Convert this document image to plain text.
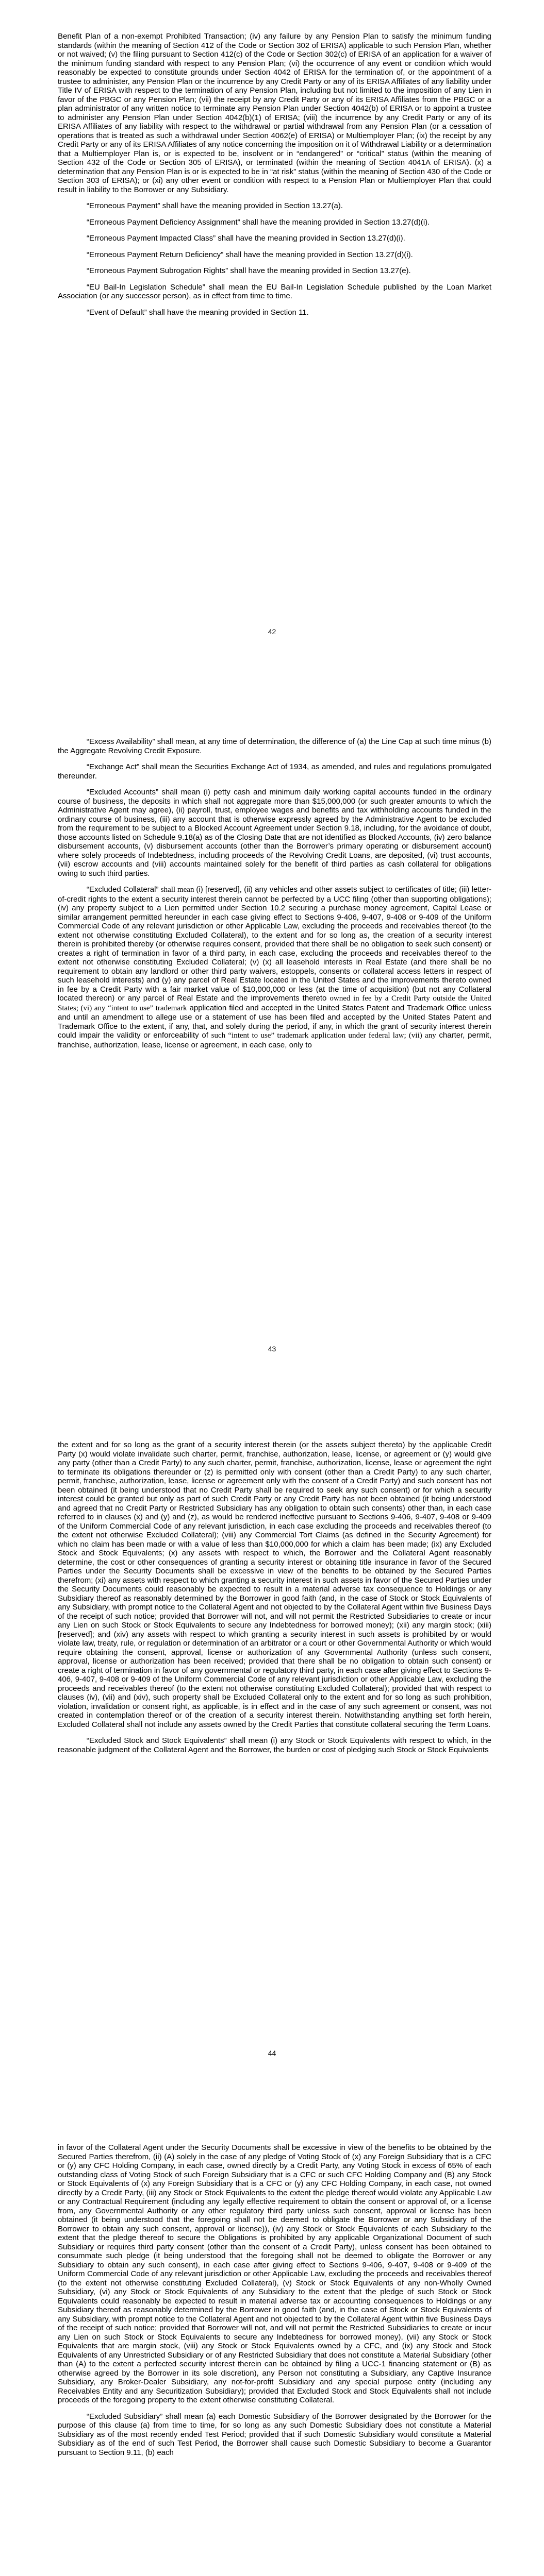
Benefit Plan of a non-exempt Prohibited Transaction; (iv) any failure by any Pension Plan to satisfy the minimum funding standards (within the meaning of Section 412 of the Code or Section 302 of ERISA) applicable to such Pension Plan, whether or not waived; (v) the filing pursuant to Section 412(c) of the Code or Section 302(c) of ERISA of an application for a waiver of the minimum funding standard with respect to any Pension Plan; (vi) the occurrence of any event or condition which would reasonably be expected to constitute grounds under Section 4042 of ERISA for the termination of, or the appointment of a trustee to administer, any Pension Plan or the incurrence by any Credit Party or any of its ERISA Affiliates of any liability under Title IV of ERISA with respect to the termination of any Pension Plan, including but not limited to the imposition of any Lien in favor of the PBGC or any Pension Plan; (vii) the receipt by any Credit Party or any of its ERISA Affiliates from the PBGC or a plan administrator of any written notice to terminate any Pension Plan under Section 4042(b) of ERISA or to appoint a trustee to administer any Pension Plan under Section 4042(b)(1) of ERISA; (viii) the incurrence by any Credit Party or any of its ERISA Affiliates of any liability with respect to the withdrawal or partial withdrawal from any Pension Plan (or a cessation of operations that is treated as such a withdrawal under Section 4062(e) of ERISA) or Multiemployer Plan; (ix) the receipt by any Credit Party or any of its ERISA Affiliates of any notice concerning the imposition on it of Withdrawal Liability or a determination that a Multiemployer Plan is, or is expected to be, insolvent or in “endangered” or “critical” status (within the meaning of Section 432 of the Code or Section 305 of ERISA), or terminated (within the meaning of Section 4041A of ERISA). (x) a determination that any Pension Plan is or is expected to be in “at risk” status (within the meaning of Section 430 of the Code or Section 303 of ERISA); or (xi) any other event or condition with respect to a Pension Plan or Multiemployer Plan that could result in liability to the Borrower or any Subsidiary.

“Erroneous Payment” shall have the meaning provided in Section 13.27(a).

“Erroneous Payment Deficiency Assignment” shall have the meaning provided in Section 13.27(d)(i).

“Erroneous Payment Impacted Class” shall have the meaning provided in Section 13.27(d)(i).

“Erroneous Payment Return Deficiency” shall have the meaning provided in Section 13.27(d)(i).

“Erroneous Payment Subrogation Rights” shall have the meaning provided in Section 13.27(e).

“EU Bail-In Legislation Schedule” shall mean the EU Bail-In Legislation Schedule published by the Loan Market Association (or any successor person), as in effect from time to time.

“Event of Default” shall have the meaning provided in Section 11.

42

“Excess Availability” shall mean, at any time of determination, the difference of (a) the Line Cap at such time minus (b) the Aggregate Revolving Credit Exposure.

“Exchange Act” shall mean the Securities Exchange Act of 1934, as amended, and rules and regulations promulgated thereunder.

“Excluded Accounts” shall mean (i) petty cash and minimum daily working capital accounts funded in the ordinary course of business, the deposits in which shall not aggregate more than $15,000,000 (or such greater amounts to which the Administrative Agent may agree), (ii) payroll, trust, employee wages and benefits and tax withholding accounts funded in the ordinary course of business, (iii) any account that is otherwise expressly agreed by the Administrative Agent to be excluded from the requirement to be subject to a Blocked Account Agreement under Section 9.18, including, for the avoidance of doubt, those accounts listed on Schedule 9.18(a) as of the Closing Date that are not identified as Blocked Accounts, (iv) zero balance disbursement accounts, (v) disbursement accounts (other than the Borrower’s primary operating or disbursement account) where solely proceeds of Indebtedness, including proceeds of the Revolving Credit Loans, are deposited, (vi) trust accounts, (vii) escrow accounts and (viii) accounts maintained solely for the benefit of third parties as cash collateral for obligations owing to such third parties.

“Excluded Collateral” shall mean (i) [reserved], (ii) any vehicles and other assets subject to certificates of title; (iii) letter-of-credit rights to the extent a security interest therein cannot be perfected by a UCC filing (other than supporting obligations); (iv) any property subject to a Lien permitted under Section 10.2 securing a purchase money agreement, Capital Lease or similar arrangement permitted hereunder in each case giving effect to Sections 9-406, 9-407, 9-408 or 9-409 of the Uniform Commercial Code of any relevant jurisdiction or other Applicable Law, excluding the proceeds and receivables thereof (to the extent not otherwise constituting Excluded Collateral), to the extent and for so long as, the creation of a security interest therein is prohibited thereby (or otherwise requires consent, provided that there shall be no obligation to seek such consent) or creates a right of termination in favor of a third party, in each case, excluding the proceeds and receivables thereof to the extent not otherwise constituting Excluded Collateral; (v) (x) all leasehold interests in Real Estate (and there shall be no requirement to obtain any landlord or other third party waivers, estoppels, consents or collateral access letters in respect of such leasehold interests) and (y) any parcel of Real Estate located in the United States and the improvements thereto owned in fee by a Credit Party with a fair market value of $10,000,000 or less (at the time of acquisition) (but not any Collateral located thereon) or any parcel of Real Estate and the improvements thereto owned in fee by a Credit Party outside the United States; (vi) any “intent to use” trademark application filed and accepted in the United States Patent and Trademark Office unless and until an amendment to allege use or a statement of use has been filed and accepted by the United States Patent and Trademark Office to the extent, if any, that, and solely during the period, if any, in which the grant of security interest therein could impair the validity or enforceability of such “intent to use” trademark application under federal law; (vii) any charter, permit, franchise, authorization, lease, license or agreement, in each case, only to

43

the extent and for so long as the grant of a security interest therein (or the assets subject thereto) by the applicable Credit Party (x) would violate invalidate such charter, permit, franchise, authorization, lease, license, or agreement or (y) would give any party (other than a Credit Party) to any such charter, permit, franchise, authorization, license, lease or agreement the right to terminate its obligations thereunder or (z) is permitted only with consent (other than a Credit Party) to any such charter, permit, franchise, authorization, lease, license or agreement only with the consent of a Credit Party) and such consent has not been obtained (it being understood that no Credit Party shall be required to seek any such consent) or for which a security interest could be granted but only as part of such Credit Party or any Credit Party has not been obtained (it being understood and agreed that no Credit Party or Restricted Subsidiary has any obligation to obtain such consents) other than, in each case referred to in clauses (x) and (y) and (z), as would be rendered ineffective pursuant to Sections 9-406, 9-407, 9-408 or 9-409 of the Uniform Commercial Code of any relevant jurisdiction, in each case excluding the proceeds and receivables thereof (to the extent not otherwise Excluded Collateral); (viii) any Commercial Tort Claims (as defined in the Security Agreement) for which no claim has been made or with a value of less than $10,000,000 for which a claim has been made; (ix) any Excluded Stock and Stock Equivalents; (x) any assets with respect to which, the Borrower and the Collateral Agent reasonably determine, the cost or other consequences of granting a security interest or obtaining title insurance in favor of the Secured Parties under the Security Documents shall be excessive in view of the benefits to be obtained by the Secured Parties therefrom; (xi) any assets with respect to which granting a security interest in such assets in favor of the Secured Parties under the Security Documents could reasonably be expected to result in a material adverse tax consequence to Holdings or any Subsidiary thereof as reasonably determined by the Borrower in good faith (and, in the case of Stock or Stock Equivalents of any Subsidiary, with prompt notice to the Collateral Agent and not objected to by the Collateral Agent within five Business Days of the receipt of such notice; provided that Borrower will not, and will not permit the Restricted Subsidiaries to create or incur any Lien on such Stock or Stock Equivalents to secure any Indebtedness for borrowed money); (xii) any margin stock; (xiii) [reserved]; and (xiv) any assets with respect to which granting a security interest in such assets is prohibited by or would violate law, treaty, rule, or regulation or determination of an arbitrator or a court or other Governmental Authority or which would require obtaining the consent, approval, license or authorization of any Governmental Authority (unless such consent, approval, license or authorization has been received; provided that there shall be no obligation to obtain such consent) or create a right of termination in favor of any governmental or regulatory third party, in each case after giving effect to Sections 9-406, 9-407, 9-408 or 9-409 of the Uniform Commercial Code of any relevant jurisdiction or other Applicable Law, excluding the proceeds and receivables thereof (to the extent not otherwise constituting Excluded Collateral); provided that with respect to clauses (iv), (vii) and (xiv), such property shall be Excluded Collateral only to the extent and for so long as such prohibition, violation, invalidation or consent right, as applicable, is in effect and in the case of any such agreement or consent, was not created in contemplation thereof or of the creation of a security interest therein. Notwithstanding anything set forth herein, Excluded Collateral shall not include any assets owned by the Credit Parties that constitute collateral securing the Term Loans.

“Excluded Stock and Stock Equivalents” shall mean (i) any Stock or Stock Equivalents with respect to which, in the reasonable judgment of the Collateral Agent and the Borrower, the burden or cost of pledging such Stock or Stock Equivalents

44

in favor of the Collateral Agent under the Security Documents shall be excessive in view of the benefits to be obtained by the Secured Parties therefrom, (ii) (A) solely in the case of any pledge of Voting Stock of (x) any Foreign Subsidiary that is a CFC or (y) any CFC Holding Company, in each case, owned directly by a Credit Party, any Voting Stock in excess of 65% of each outstanding class of Voting Stock of such Foreign Subsidiary that is a CFC or such CFC Holding Company and (B) any Stock or Stock Equivalents of (x) any Foreign Subsidiary that is a CFC or (y) any CFC Holding Company, in each case, not owned directly by a Credit Party, (iii) any Stock or Stock Equivalents to the extent the pledge thereof would violate any Applicable Law or any Contractual Requirement (including any legally effective requirement to obtain the consent or approval of, or a license from, any Governmental Authority or any other regulatory third party unless such consent, approval or license has been obtained (it being understood that the foregoing shall not be deemed to obligate the Borrower or any Subsidiary of the Borrower to obtain any such consent, approval or license)), (iv) any Stock or Stock Equivalents of each Subsidiary to the extent that the pledge thereof to secure the Obligations is prohibited by any applicable Organizational Document of such Subsidiary or requires third party consent (other than the consent of a Credit Party), unless consent has been obtained to consummate such pledge (it being understood that the foregoing shall not be deemed to obligate the Borrower or any Subsidiary to obtain any such consent), in each case after giving effect to Sections 9-406, 9-407, 9-408 or 9-409 of the Uniform Commercial Code of any relevant jurisdiction or other Applicable Law, excluding the proceeds and receivables thereof (to the extent not otherwise constituting Excluded Collateral), (v) Stock or Stock Equivalents of any non-Wholly Owned Subsidiary, (vi) any Stock or Stock Equivalents of any Subsidiary to the extent that the pledge of such Stock or Stock Equivalents could reasonably be expected to result in material adverse tax or accounting consequences to Holdings or any Subsidiary thereof as reasonably determined by the Borrower in good faith (and, in the case of Stock or Stock Equivalents of any Subsidiary, with prompt notice to the Collateral Agent and not objected to by the Collateral Agent within five Business Days of the receipt of such notice; provided that Borrower will not, and will not permit the Restricted Subsidiaries to create or incur any Lien on such Stock or Stock Equivalents to secure any Indebtedness for borrowed money), (vii) any Stock or Stock Equivalents that are margin stock, (viii) any Stock or Stock Equivalents owned by a CFC, and (ix) any Stock and Stock Equivalents of any Unrestricted Subsidiary or of any Restricted Subsidiary that does not constitute a Material Subsidiary (other than (A) to the extent a perfected security interest therein can be obtained by filing a UCC-1 financing statement or (B) as otherwise agreed by the Borrower in its sole discretion), any Person not constituting a Subsidiary, any Captive Insurance Subsidiary, any Broker-Dealer Subsidiary, any not-for-profit Subsidiary and any special purpose entity (including any Receivables Entity and any Securitization Subsidiary); provided that Excluded Stock and Stock Equivalents shall not include proceeds of the foregoing property to the extent otherwise constituting Collateral.

“Excluded Subsidiary” shall mean (a) each Domestic Subsidiary of the Borrower designated by the Borrower for the purpose of this clause (a) from time to time, for so long as any such Domestic Subsidiary does not constitute a Material Subsidiary as of the most recently ended Test Period; provided that if such Domestic Subsidiary would constitute a Material Subsidiary as of the end of such Test Period, the Borrower shall cause such Domestic Subsidiary to become a Guarantor pursuant to Section 9.11, (b) each
